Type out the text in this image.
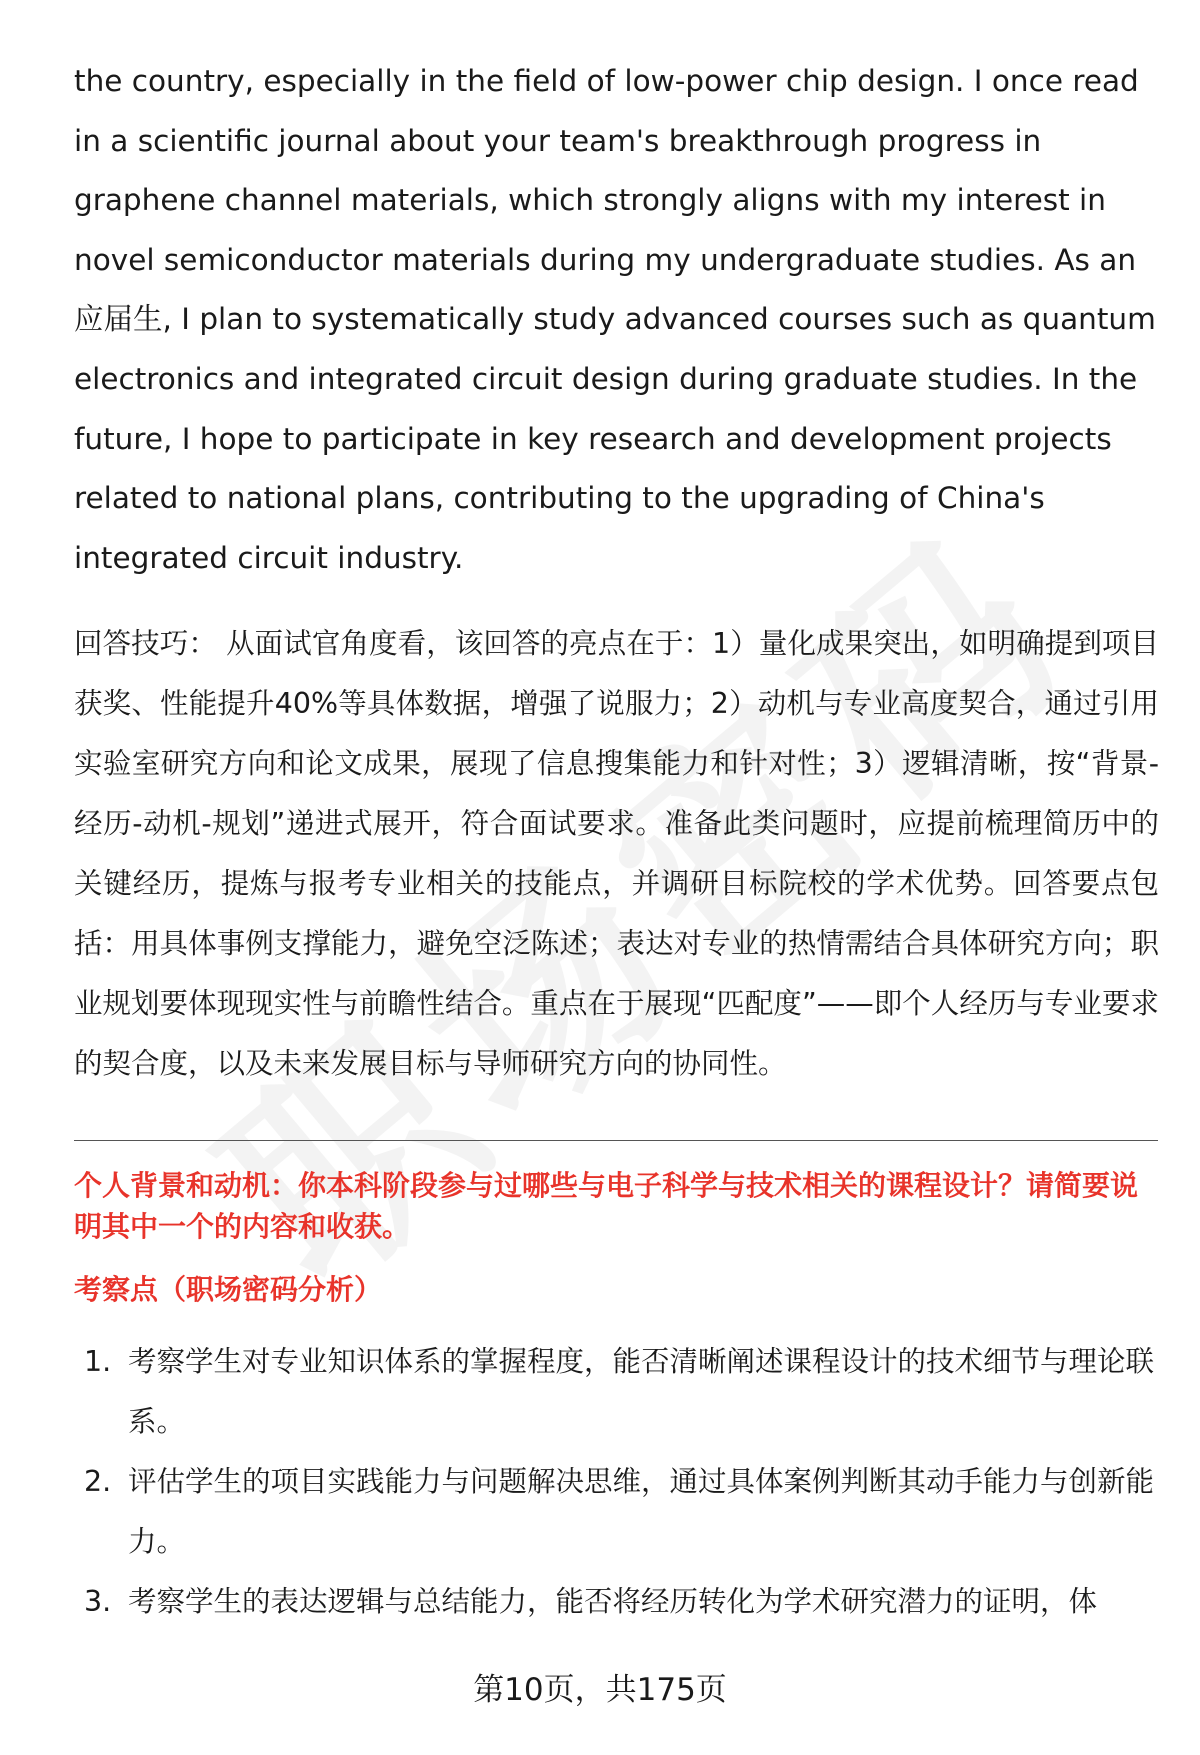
the country, especially in the field of low-power chip design. I once read in a scientific journal about your team's breakthrough progress in graphene channel materials, which strongly aligns with my interest in novel semiconductor materials during my undergraduate studies. As an应届生, I plan to systematically study advanced courses such as quantum electronics and integrated circuit design during graduate studies. In the future, I hope to participate in key research and development projects related to national plans, contributing to the upgrading of China's integrated circuit industry.

回答技巧： 从面试官角度看，该回答的亮点在于：1）量化成果突出，如明确提到项目获奖、性能提升40%等具体数据，增强了说服力；2）动机与专业高度契合，通过引用实验室研究方向和论文成果，展现了信息搜集能力和针对性；3）逻辑清晰，按“背景-经历-动机-规划”递进式展开，符合面试要求。准备此类问题时，应提前梳理简历中的关键经历，提炼与报考专业相关的技能点，并调研目标院校的学术优势。回答要点包括：用具体事例支撑能力，避免空泛陈述；表达对专业的热情需结合具体研究方向；职业规划要体现现实性与前瞻性结合。重点在于展现“匹配度”——即个人经历与专业要求的契合度，以及未来发展目标与导师研究方向的协同性。

个人背景和动机：你本科阶段参与过哪些与电子科学与技术相关的课程设计？请简要说明其中一个的内容和收获。

考察点（职场密码分析）

1. 考察学生对专业知识体系的掌握程度，能否清晰阐述课程设计的技术细节与理论联系。
2. 评估学生的项目实践能力与问题解决思维，通过具体案例判断其动手能力与创新能力。
3. 考察学生的表达逻辑与总结能力，能否将经历转化为学术研究潜力的证明，体
第10页，共175页
